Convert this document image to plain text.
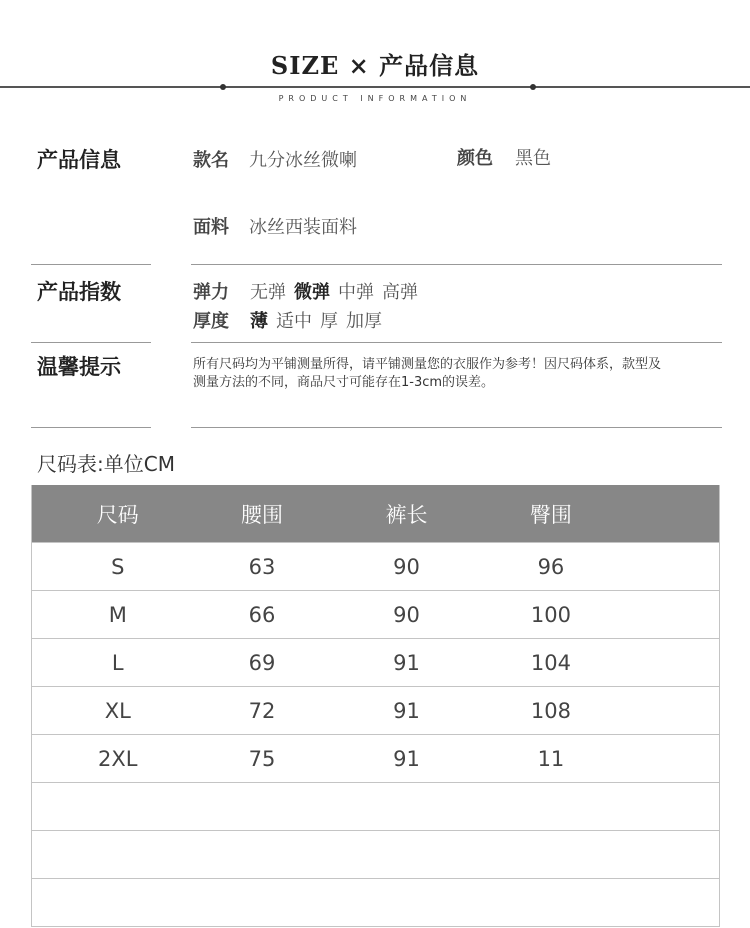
SIZE × 产品信息
PRODUCT INFORMATION
产品信息	款名 九分冰丝微喇	颜色 黑色
面料 冰丝西装面料
产品指数	弹力 无弹 微弹 中弹 高弹
厚度 薄 适中 厚 加厚
温馨提示	所有尺码均为平铺测量所得，请平铺测量您的衣服作为参考！因尺码体系，款型及测量方法的不同，商品尺寸可能存在1-3cm的误差。
尺码表:单位CM
尺码	腰围	裤长	臀围	
S	63	90	96	
M	66	90	100	
L	69	91	104	
XL	72	91	108	
2XL	75	91	11	
